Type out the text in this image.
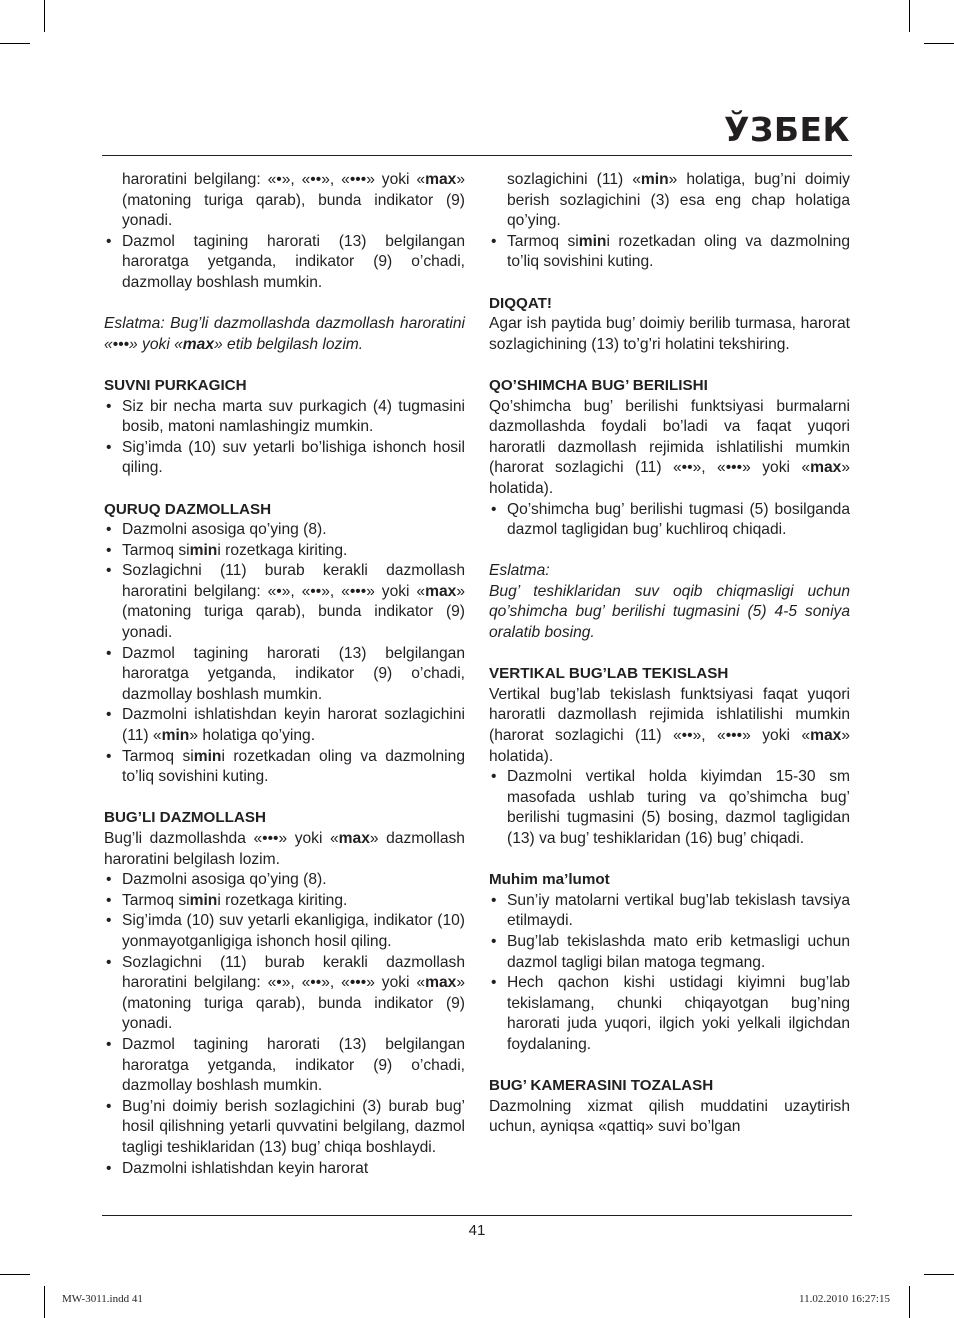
ЎЗБЕК

haroratini belgilang: «•», «••», «•••» yoki «max» (matoning turiga qarab), bunda indikator (9) yonadi.

• Dazmol tagining harorati (13) belgilangan haroratga yetganda, indikator (9) o’chadi, dazmollay boshlash mumkin.

Eslatma: Bug’li dazmollashda dazmollash haroratini «•••» yoki «max» etib belgilash lozim.

SUVNI PURKAGICH
• Siz bir necha marta suv purkagich (4) tugmasini bosib, matoni namlashingiz mumkin.
• Sig’imda (10) suv yetarli bo’lishiga ishonch hosil qiling.
QURUQ DAZMOLLASH
• Dazmolni asosiga qo’ying (8).
• Tarmoq simini rozetkaga kiriting.
• Sozlagichni (11) burab kerakli dazmollash haroratini belgilang: «•», «••», «•••» yoki «max» (matoning turiga qarab), bunda indikator (9) yonadi.
• Dazmol tagining harorati (13) belgilangan haroratga yetganda, indikator (9) o’chadi, dazmollay boshlash mumkin.
• Dazmolni ishlatishdan keyin harorat sozlagichini (11) «min» holatiga qo’ying.
• Tarmoq simini rozetkadan oling va dazmolning to’liq sovishini kuting.
BUG’LI DAZMOLLASH

Bug’li dazmollashda «•••» yoki «max» dazmollash haroratini belgilash lozim.

• Dazmolni asosiga qo’ying (8).
• Tarmoq simini rozetkaga kiriting.
• Sig’imda (10) suv yetarli ekanligiga, indikator (10) yonmayotganligiga ishonch hosil qiling.
• Sozlagichni (11) burab kerakli dazmollash haroratini belgilang: «•», «••», «•••» yoki «max» (matoning turiga qarab), bunda indikator (9) yonadi.
• Dazmol tagining harorati (13) belgilangan haroratga yetganda, indikator (9) o’chadi, dazmollay boshlash mumkin.
• Bug’ni doimiy berish sozlagichini (3) burab bug’ hosil qilishning yetarli quvvatini belgilang, dazmol tagligi teshiklaridan (13) bug’ chiqa boshlaydi.
• Dazmolni ishlatishdan keyin harorat

sozlagichini (11) «min» holatiga, bug’ni doimiy berish sozlagichini (3) esa eng chap holatiga qo’ying.

• Tarmoq simini rozetkadan oling va dazmolning to’liq sovishini kuting.
DIQQAT!

Agar ish paytida bug’ doimiy berilib turmasa, harorat sozlagichining (13) to’g’ri holatini tekshiring.

QO’SHIMCHA BUG’ BERILISHI

Qo’shimcha bug’ berilishi funktsiyasi burmalarni dazmollashda foydali bo’ladi va faqat yuqori haroratli dazmollash rejimida ishlatilishi mumkin (harorat sozlagichi (11) «••», «•••» yoki «max» holatida).

• Qo’shimcha bug’ berilishi tugmasi (5) bosilganda dazmol tagligidan bug’ kuchliroq chiqadi.

Eslatma:

Bug’ teshiklaridan suv oqib chiqmasligi uchun qo’shimcha bug’ berilishi tugmasini (5) 4-5 soniya oralatib bosing.

VERTIKAL BUG’LAB TEKISLASH

Vertikal bug’lab tekislash funktsiyasi faqat yuqori haroratli dazmollash rejimida ishlatilishi mumkin (harorat sozlagichi (11) «••», «•••» yoki «max» holatida).

• Dazmolni vertikal holda kiyimdan 15-30 sm masofada ushlab turing va qo’shimcha bug’ berilishi tugmasini (5) bosing, dazmol tagligidan (13) va bug’ teshiklaridan (16) bug’ chiqadi.
Muhim ma’lumot
• Sun’iy matolarni vertikal bug’lab tekislash tavsiya etilmaydi.
• Bug’lab tekislashda mato erib ketmasligi uchun dazmol tagligi bilan matoga tegmang.
• Hech qachon kishi ustidagi kiyimni bug’lab tekislamang, chunki chiqayotgan bug’ning harorati juda yuqori, ilgich yoki yelkali ilgichdan foydalaning.
BUG’ KAMERASINI TOZALASH

Dazmolning xizmat qilish muddatini uzaytirish uchun, ayniqsa «qattiq» suvi bo’lgan

41
MW-3011.indd 41	11.02.2010 16:27:15
